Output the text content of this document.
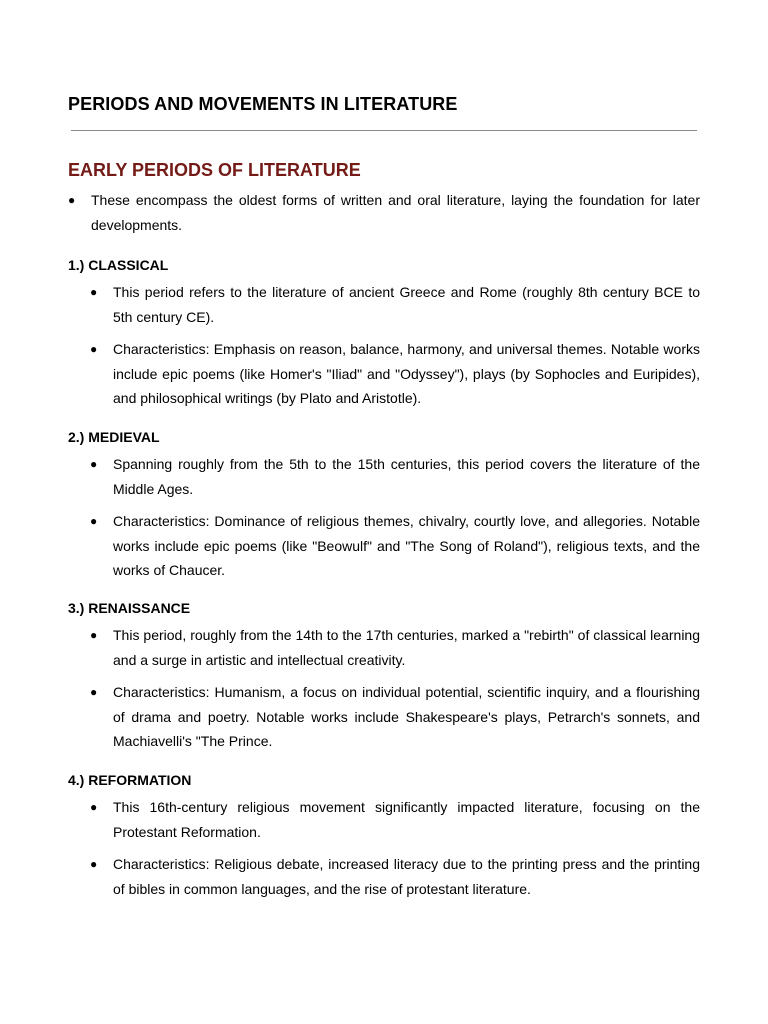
PERIODS AND MOVEMENTS IN LITERATURE
EARLY PERIODS OF LITERATURE

● These encompass the oldest forms of written and oral literature, laying the foundation for later developments.

1.) CLASSICAL

● This period refers to the literature of ancient Greece and Rome (roughly 8th century BCE to 5th century CE).

● Characteristics: Emphasis on reason, balance, harmony, and universal themes. Notable works include epic poems (like Homer's "Iliad" and "Odyssey"), plays (by Sophocles and Euripides), and philosophical writings (by Plato and Aristotle).

2.) MEDIEVAL

● Spanning roughly from the 5th to the 15th centuries, this period covers the literature of the Middle Ages.

● Characteristics: Dominance of religious themes, chivalry, courtly love, and allegories. Notable works include epic poems (like "Beowulf" and "The Song of Roland"), religious texts, and the works of Chaucer.

3.) RENAISSANCE

● This period, roughly from the 14th to the 17th centuries, marked a "rebirth" of classical learning and a surge in artistic and intellectual creativity.

● Characteristics: Humanism, a focus on individual potential, scientific inquiry, and a flourishing of drama and poetry. Notable works include Shakespeare's plays, Petrarch's sonnets, and Machiavelli's "The Prince.

4.) REFORMATION

● This 16th-century religious movement significantly impacted literature, focusing on the Protestant Reformation.

● Characteristics: Religious debate, increased literacy due to the printing press and the printing of bibles in common languages, and the rise of protestant literature.
